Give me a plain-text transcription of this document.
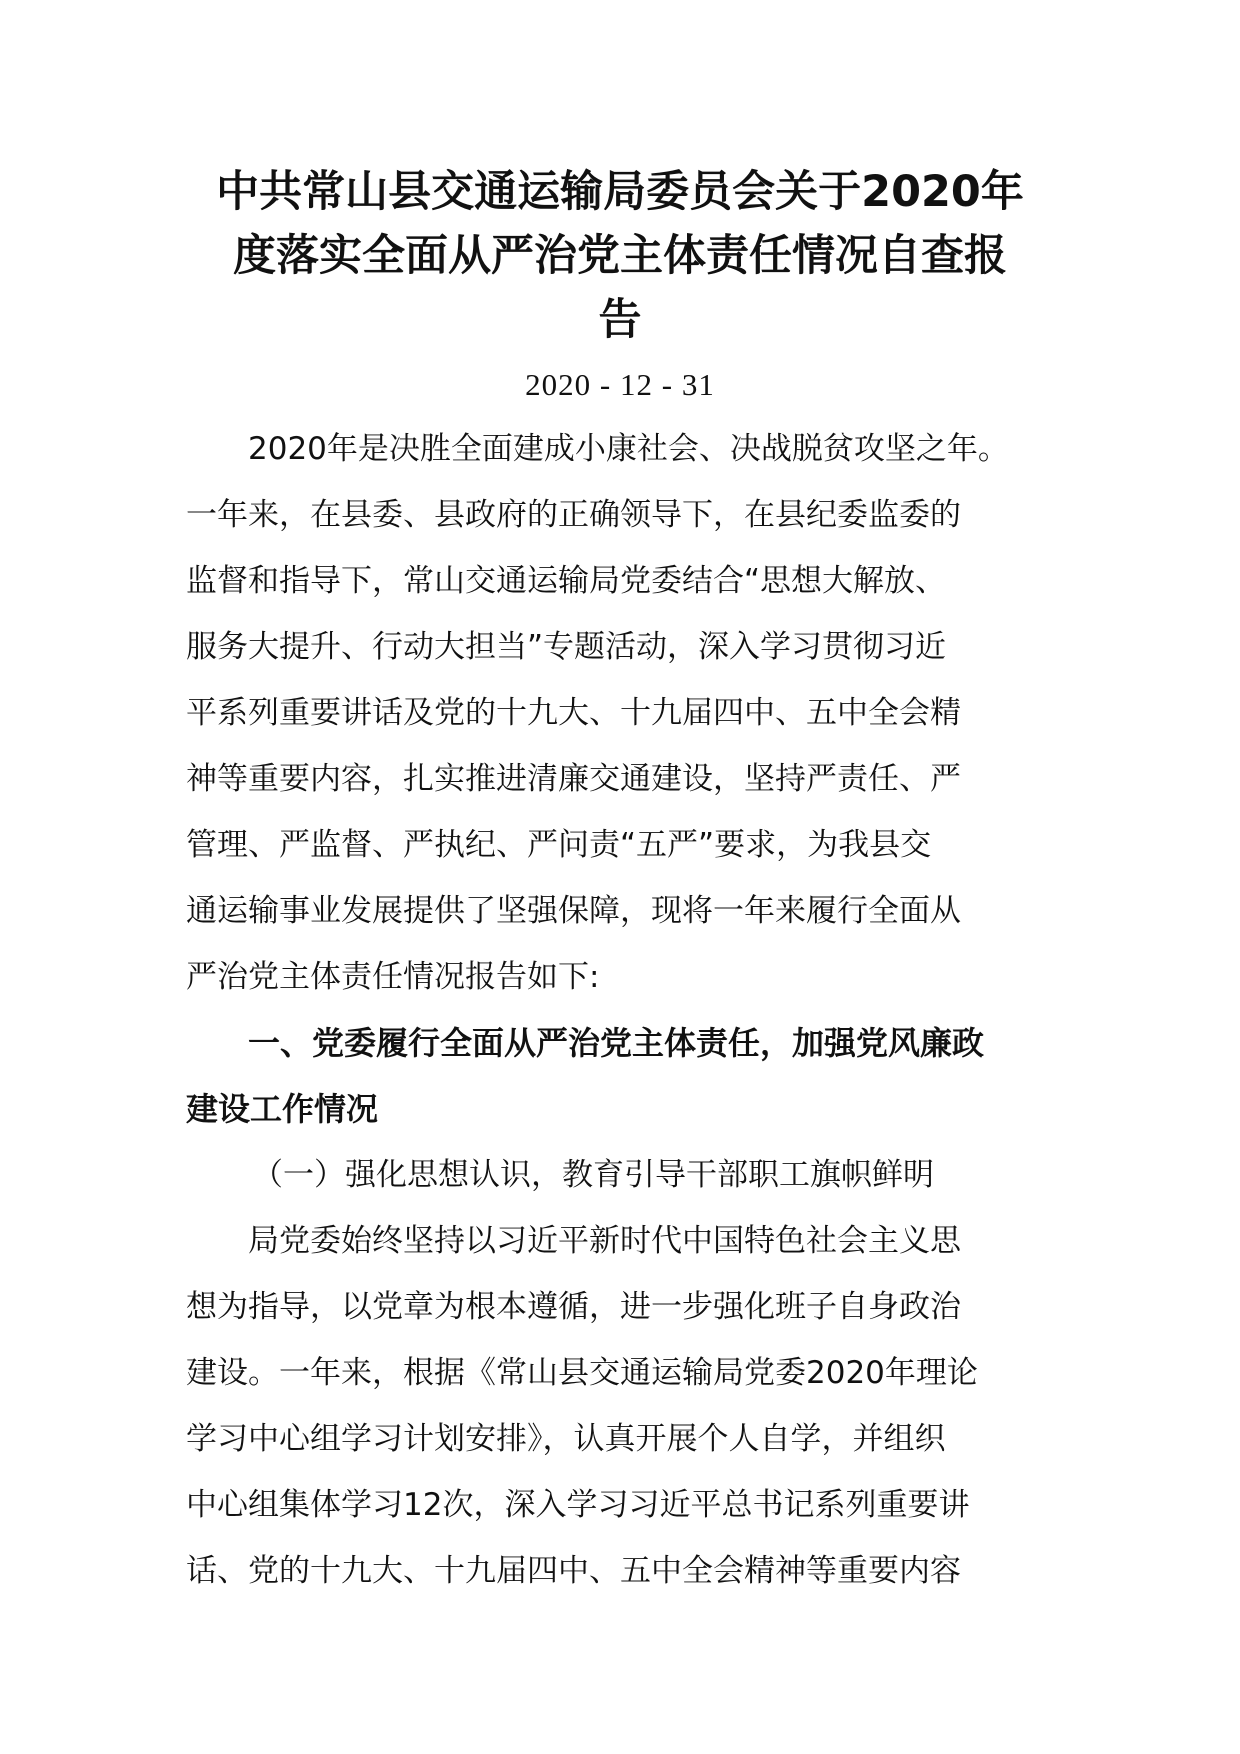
中共常山县交通运输局委员会关于2020年
度落实全面从严治党主体责任情况自查报
告
2020 - 12 - 31
2020年是决胜全面建成小康社会、决战脱贫攻坚之年。
一年来，在县委、县政府的正确领导下，在县纪委监委的
监督和指导下，常山交通运输局党委结合“思想大解放、
服务大提升、行动大担当”专题活动，深入学习贯彻习近
平系列重要讲话及党的十九大、十九届四中、五中全会精
神等重要内容，扎实推进清廉交通建设，坚持严责任、严
管理、严监督、严执纪、严问责“五严”要求，为我县交
通运输事业发展提供了坚强保障，现将一年来履行全面从
严治党主体责任情况报告如下:
一、党委履行全面从严治党主体责任，加强党风廉政
建设工作情况
（一）强化思想认识，教育引导干部职工旗帜鲜明
局党委始终坚持以习近平新时代中国特色社会主义思
想为指导，以党章为根本遵循，进一步强化班子自身政治
建设。一年来，根据《常山县交通运输局党委2020年理论
学习中心组学习计划安排》，认真开展个人自学，并组织
中心组集体学习12次，深入学习习近平总书记系列重要讲
话、党的十九大、十九届四中、五中全会精神等重要内容
